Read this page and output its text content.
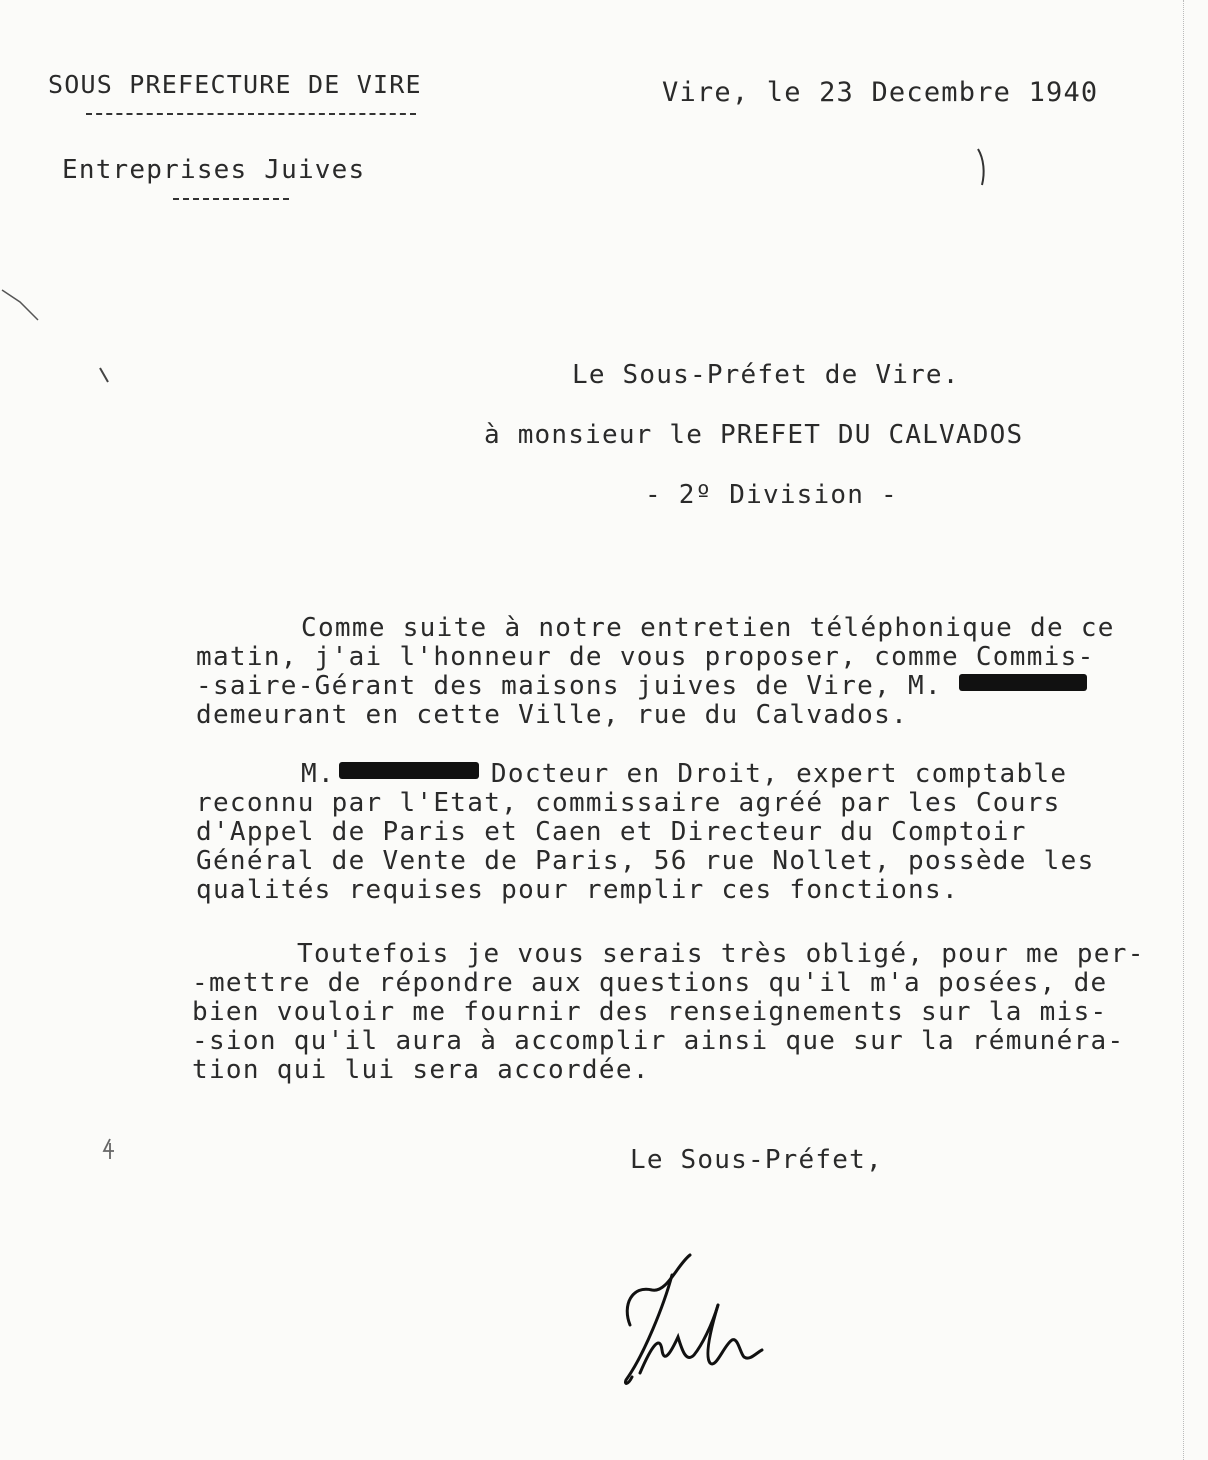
SOUS PREFECTURE DE VIRE	Vire, le 23 Decembre 1940
Entreprises Juives
Le Sous-Préfet de Vire.
à monsieur le PREFET DU CALVADOS
- 2º Division -
Comme suite à notre entretien téléphonique de ce
matin, j'ai l'honneur de vous proposer, comme Commis-
-saire-Gérant des maisons juives de Vire, M.
demeurant en cette Ville, rue du Calvados.
M.	Docteur en Droit, expert comptable
reconnu par l'Etat, commissaire agréé par les Cours
d'Appel de Paris et Caen et Directeur du Comptoir
Général de Vente de Paris, 56 rue Nollet, possède les
qualités requises pour remplir ces fonctions.
Toutefois je vous serais très obligé, pour me per-
-mettre de répondre aux questions qu'il m'a posées, de
bien vouloir me fournir des renseignements sur la mis-
-sion qu'il aura à accomplir ainsi que sur la rémunéra-
tion qui lui sera accordée.
Le Sous-Préfet,
